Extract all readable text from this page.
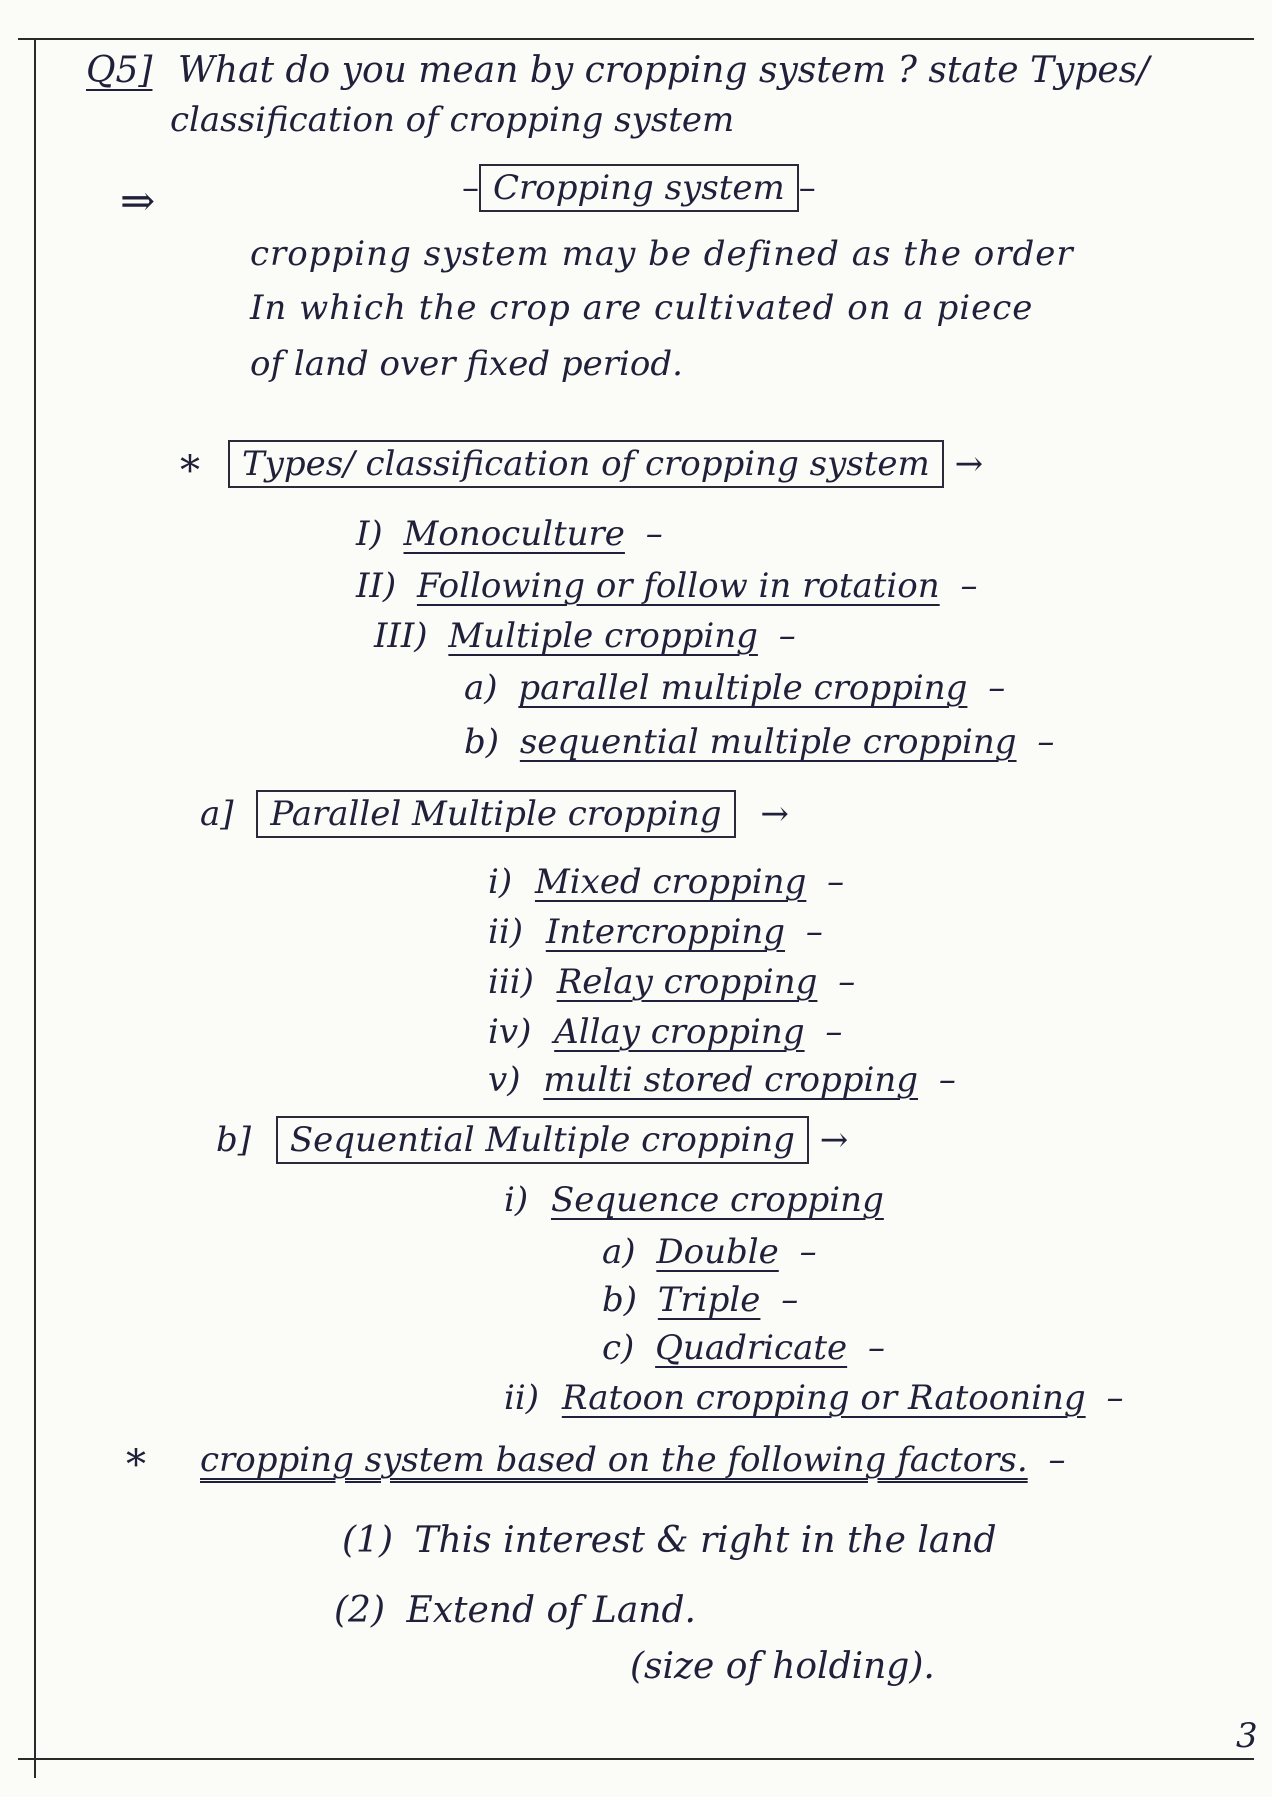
Q5] What do you mean by cropping system ? state Types/
classification of cropping system
⇒	– Cropping system –
cropping system may be defined as the order
In which the crop are cultivated on a piece
of land over fixed period.
*	Types/ classification of cropping system →
I) Monoculture –
II) Following or follow in rotation –
III) Multiple cropping –
a) parallel multiple cropping –
b) sequential multiple cropping –
a] Parallel Multiple cropping →
i) Mixed cropping –
ii) Intercropping –
iii) Relay cropping –
iv) Allay cropping –
v) multi stored cropping –
b] Sequential Multiple cropping →
i) Sequence cropping
a) Double –
b) Triple –
c) Quadricate –
ii) Ratoon cropping or Ratooning –
* cropping system based on the following factors. –
(1) This interest & right in the land
(2) Extend of Land.
(size of holding).
3
